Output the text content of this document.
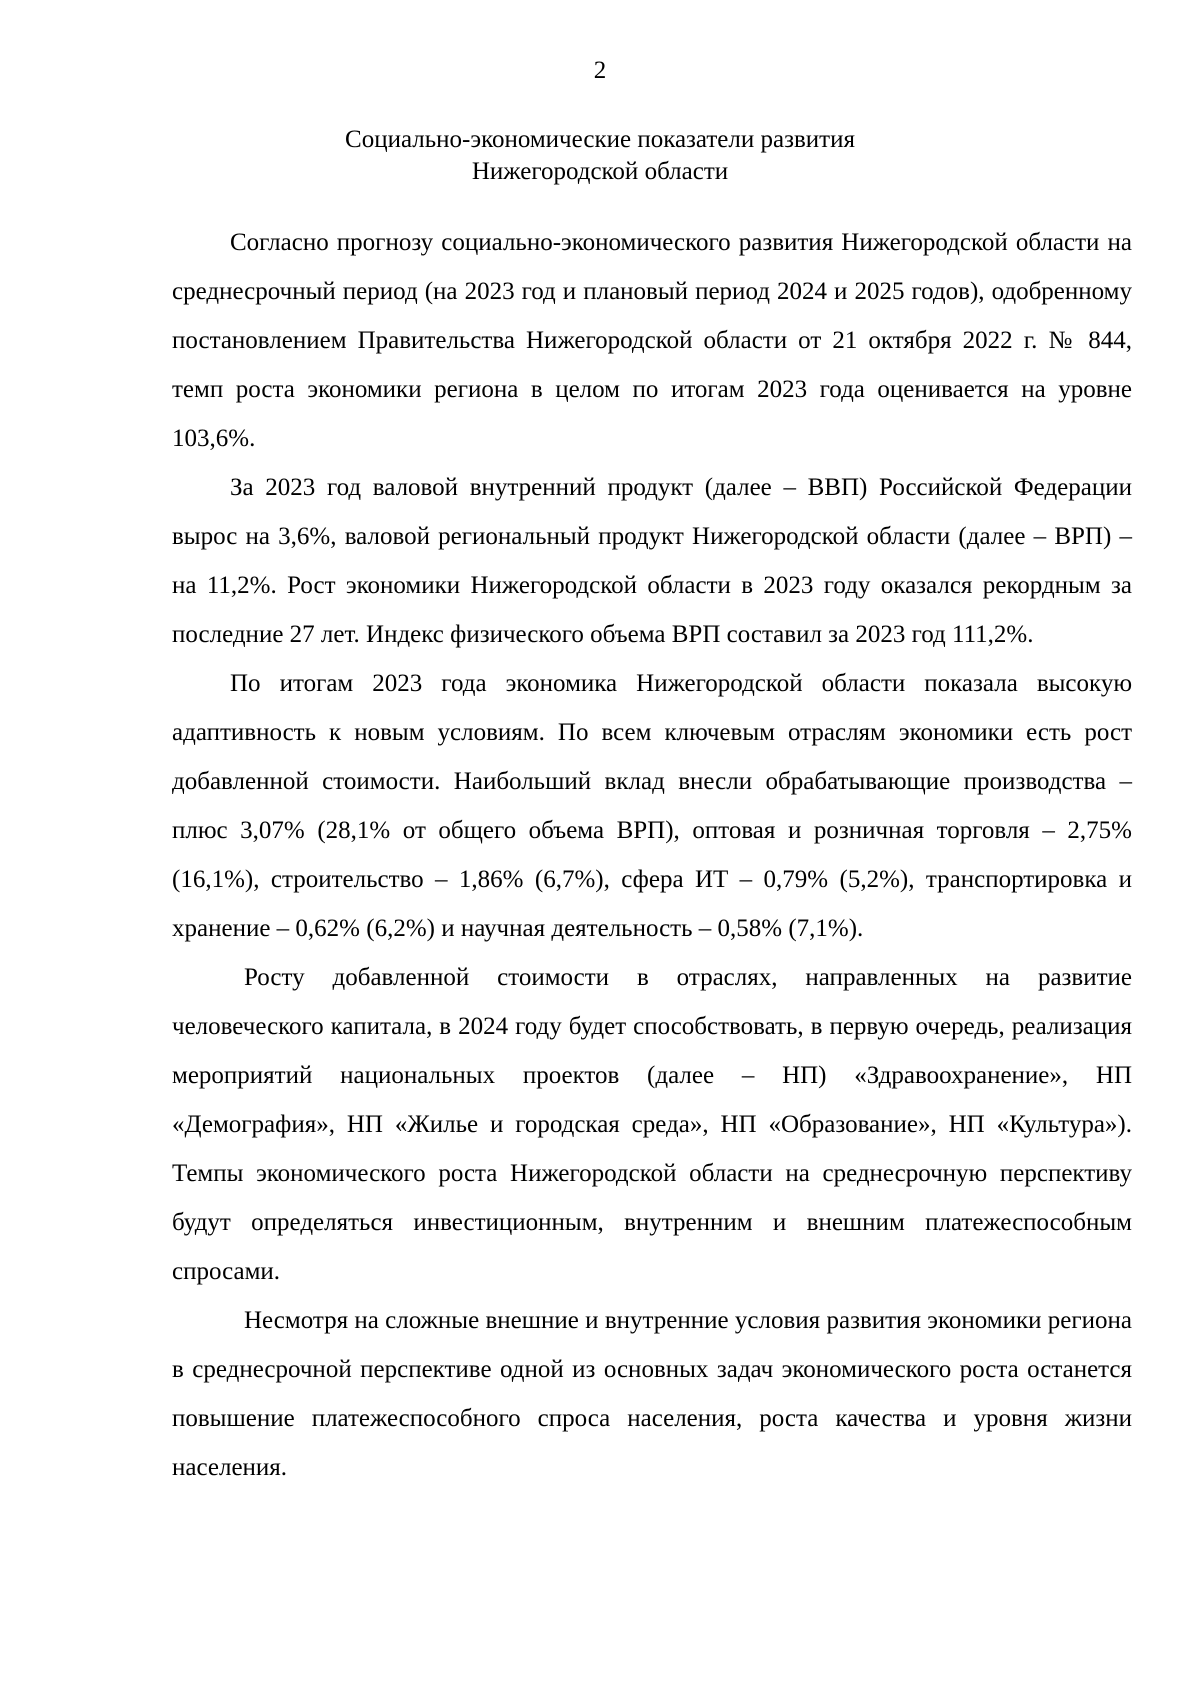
2
Социально-экономические показатели развития
Нижегородской области

Согласно прогнозу социально-экономического развития Нижегородской области на среднесрочный период (на 2023 год и плановый период 2024 и 2025 годов), одобренному постановлением Правительства Нижегородской области от 21 октября 2022 г. № 844, темп роста экономики региона в целом по итогам 2023 года оценивается на уровне 103,6%.

За 2023 год валовой внутренний продукт (далее – ВВП) Российской Федерации вырос на 3,6%, валовой региональный продукт Нижегородской области (далее – ВРП) – на 11,2%. Рост экономики Нижегородской области в 2023 году оказался рекордным за последние 27 лет. Индекс физического объема ВРП составил за 2023 год 111,2%.

По итогам 2023 года экономика Нижегородской области показала высокую адаптивность к новым условиям. По всем ключевым отраслям экономики есть рост добавленной стоимости. Наибольший вклад внесли обрабатывающие производства – плюс 3,07% (28,1% от общего объема ВРП), оптовая и розничная торговля – 2,75% (16,1%), строительство – 1,86% (6,7%), сфера ИТ – 0,79% (5,2%), транспортировка и хранение – 0,62% (6,2%) и научная деятельность – 0,58% (7,1%).

Росту добавленной стоимости в отраслях, направленных на развитие человеческого капитала, в 2024 году будет способствовать, в первую очередь, реализация мероприятий национальных проектов (далее – НП) «Здравоохранение», НП «Демография», НП «Жилье и городская среда», НП «Образование», НП «Культура»). Темпы экономического роста Нижегородской области на среднесрочную перспективу будут определяться инвестиционным, внутренним и внешним платежеспособным спросами.

Несмотря на сложные внешние и внутренние условия развития экономики региона в среднесрочной перспективе одной из основных задач экономического роста останется повышение платежеспособного спроса населения, роста качества и уровня жизни населения.
